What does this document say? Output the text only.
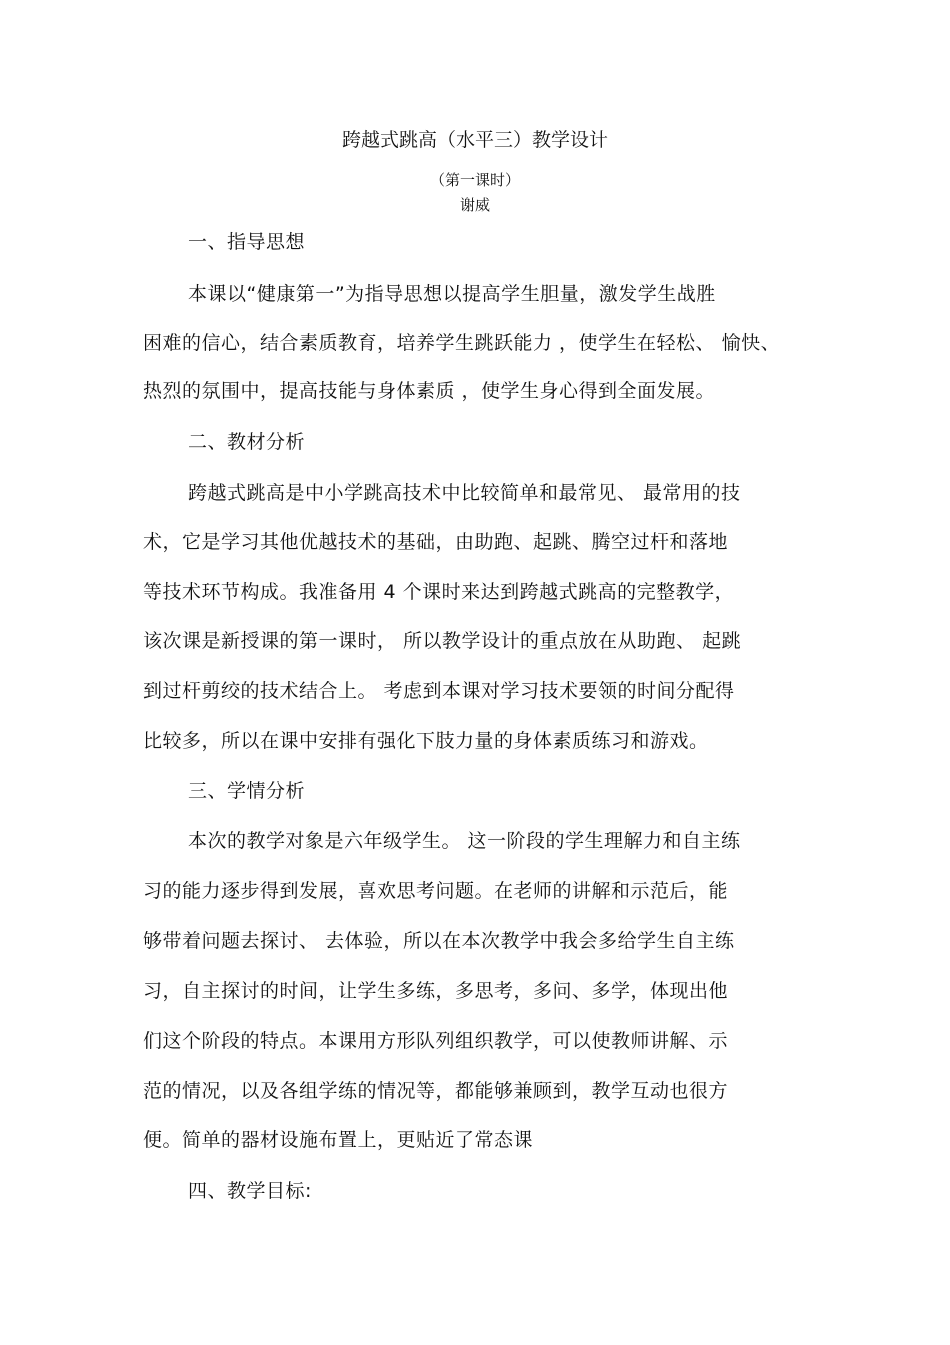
跨越式跳高（水平三）教学设计
（第一课时）
谢威
一、指导思想
本课以“健康第一”为指导思想以提高学生胆量，激发学生战胜
困难的信心，结合素质教育，培养学生跳跃能力 ，使学生在轻松、 愉快、
热烈的氛围中，提高技能与身体素质 ，使学生身心得到全面发展。
二、教材分析
跨越式跳高是中小学跳高技术中比较简单和最常见、 最常用的技
术，它是学习其他优越技术的基础，由助跑、起跳、腾空过杆和落地
等技术环节构成。我准备用 4 个课时来达到跨越式跳高的完整教学，
该次课是新授课的第一课时， 所以教学设计的重点放在从助跑、 起跳
到过杆剪绞的技术结合上。 考虑到本课对学习技术要领的时间分配得
比较多，所以在课中安排有强化下肢力量的身体素质练习和游戏。
三、学情分析
本次的教学对象是六年级学生。 这一阶段的学生理解力和自主练
习的能力逐步得到发展，喜欢思考问题。在老师的讲解和示范后，能
够带着问题去探讨、 去体验，所以在本次教学中我会多给学生自主练
习，自主探讨的时间，让学生多练，多思考，多问、多学，体现出他
们这个阶段的特点。本课用方形队列组织教学，可以使教师讲解、示
范的情况，以及各组学练的情况等，都能够兼顾到，教学互动也很方
便。简单的器材设施布置上，更贴近了常态课
四、教学目标:
